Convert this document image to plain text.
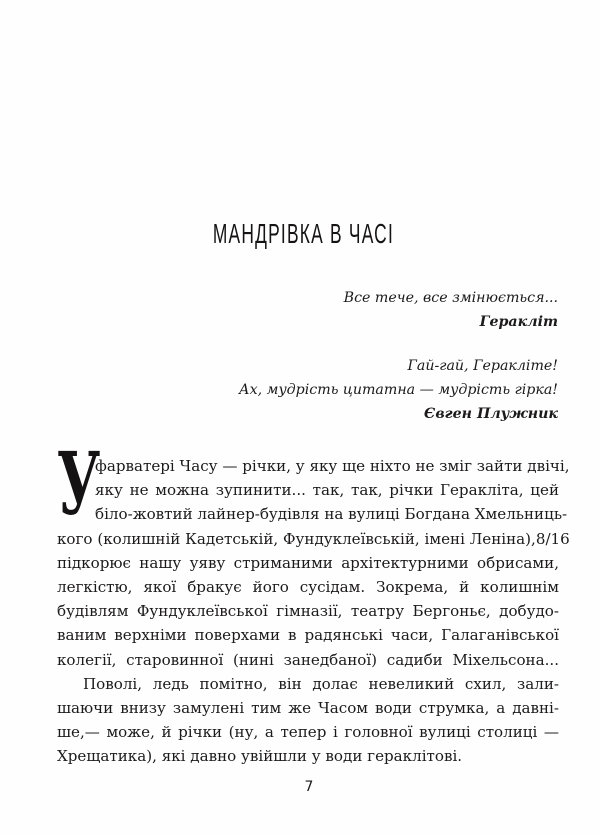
МАНДРІВКА В ЧАСІ
Все тече, все змінюється...
Геракліт
Гай-гай, Геракліте!
Ах, мудрість цитатна — мудрість гірка!
Євген Плужник
У
фарватері Часу — річки, у яку ще ніхто не зміг зайти двічі,
яку не можна зупинити... так, так, річки Геракліта, цей
біло-жовтий лайнер-будівля на вулиці Богдана Хмельниць-
кого (колишній Кадетській, Фундуклеївській, імені Леніна),8/16
підкорює нашу уяву стриманими архітектурними обрисами,
легкістю, якої бракує його сусідам. Зокрема, й колишнім
будівлям Фундуклеївської гімназії, театру Бергоньє, добудо-
ваним верхніми поверхами в радянські часи, Галаганівської
колегії, старовинної (нині занедбаної) садиби Міхельсона...
Поволі, ледь помітно, він долає невеликий схил, зали-
шаючи внизу замулені тим же Часом води струмка, а давні-
ше,— може, й річки (ну, а тепер і головної вулиці столиці —
Хрещатика), які давно увійшли у води гераклітові.
7
